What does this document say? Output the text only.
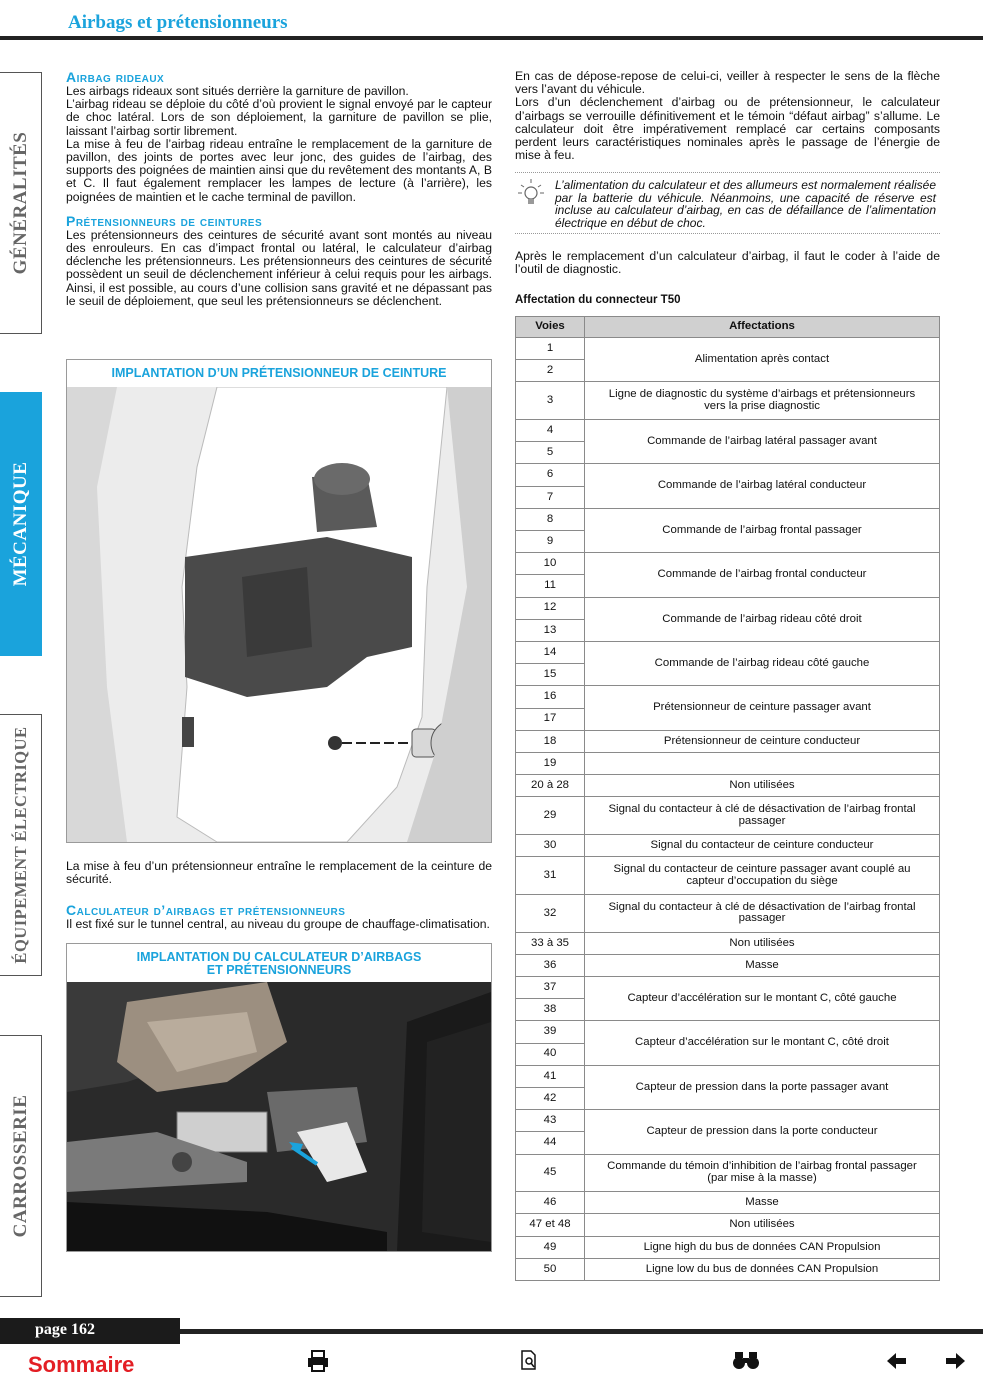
Airbags et prétensionneurs
GÉNÉRALITÉS
MÉCANIQUE
ÉQUIPEMENT ÉLECTRIQUE
CARROSSERIE
Airbag rideaux

Les airbags rideaux sont situés derrière la garniture de pavillon.

L’airbag rideau se déploie du côté d’où provient le signal envoyé par le capteur de choc latéral. Lors de son déploiement, la garniture de pavillon se plie, laissant l’airbag sortir librement.

La mise à feu de l’airbag rideau entraîne le remplacement de la garniture de pavillon, des joints de portes avec leur jonc, des guides de l’airbag, des supports des poignées de maintien ainsi que du revêtement des montants A, B et C. Il faut également remplacer les lampes de lecture (à l’arrière), les poignées de maintien et le cache terminal de pavillon.

Prétensionneurs de ceintures

Les prétensionneurs des ceintures de sécurité avant sont montés au niveau des enrouleurs. En cas d’impact frontal ou latéral, le calculateur d’airbag déclenche les prétensionneurs. Les prétensionneurs des ceintures de sécurité possèdent un seuil de déclenchement inférieur à celui requis pour les airbags. Ainsi, il est possible, au cours d’une collision sans gravité et ne dépassant pas le seuil de déploiement, que seul les prétensionneurs se déclenchent.

IMPLANTATION D’UN PRÉTENSIONNEUR DE CEINTURE

La mise à feu d’un prétensionneur entraîne le remplacement de la ceinture de sécurité.

Calculateur d’airbags et prétensionneurs

Il est fixé sur le tunnel central, au niveau du groupe de chauffage-climatisation.

IMPLANTATION DU CALCULATEUR D’AIRBAGS
ET PRÉTENSIONNEURS

En cas de dépose-repose de celui-ci, veiller à respecter le sens de la flèche vers l’avant du véhicule.

Lors d’un déclenchement d’airbag ou de prétensionneur, le calculateur d’airbags se verrouille définitivement et le témoin “défaut airbag” s’allume. Le calculateur doit être impérativement remplacé car certains composants perdent leurs caractéristiques nominales après le passage de l’énergie de mise à feu.

L’alimentation du calculateur et des allumeurs est normalement réalisée par la batterie du véhicule. Néanmoins, une capacité de réserve est incluse au calculateur d’airbag, en cas de défaillance de l’alimentation électrique en début de choc.

Après le remplacement d’un calculateur d’airbag, il faut le coder à l’aide de l’outil de diagnostic.

Affectation du connecteur T50
Voies	Affectations
1	Alimentation après contact
2	
3	Ligne de diagnostic du système d’airbags et prétensionneurs vers la prise diagnostic
4	Commande de l’airbag latéral passager avant
5	
6	Commande de l’airbag latéral conducteur
7	
8	Commande de l’airbag frontal passager
9	
10	Commande de l’airbag frontal conducteur
11	
12	Commande de l’airbag rideau côté droit
13	
14	Commande de l’airbag rideau côté gauche
15	
16	Prétensionneur de ceinture passager avant
17	
18	Prétensionneur de ceinture conducteur
19	
20 à 28	Non utilisées
29	Signal du contacteur à clé de désactivation de l’airbag frontal passager
30	Signal du contacteur de ceinture conducteur
31	Signal du contacteur de ceinture passager avant couplé au capteur d’occupation du siège
32	Signal du contacteur à clé de désactivation de l’airbag frontal passager
33 à 35	Non utilisées
36	Masse
37	Capteur d’accélération sur le montant C, côté gauche
38	
39	Capteur d’accélération sur le montant C, côté droit
40	
41	Capteur de pression dans la porte passager avant
42	
43	Capteur de pression dans la porte conducteur
44	
45	Commande du témoin d’inhibition de l’airbag frontal passager (par mise à la masse)
46	Masse
47 et 48	Non utilisées
49	Ligne high du bus de données CAN Propulsion
50	Ligne low du bus de données CAN Propulsion
page 162
Sommaire
